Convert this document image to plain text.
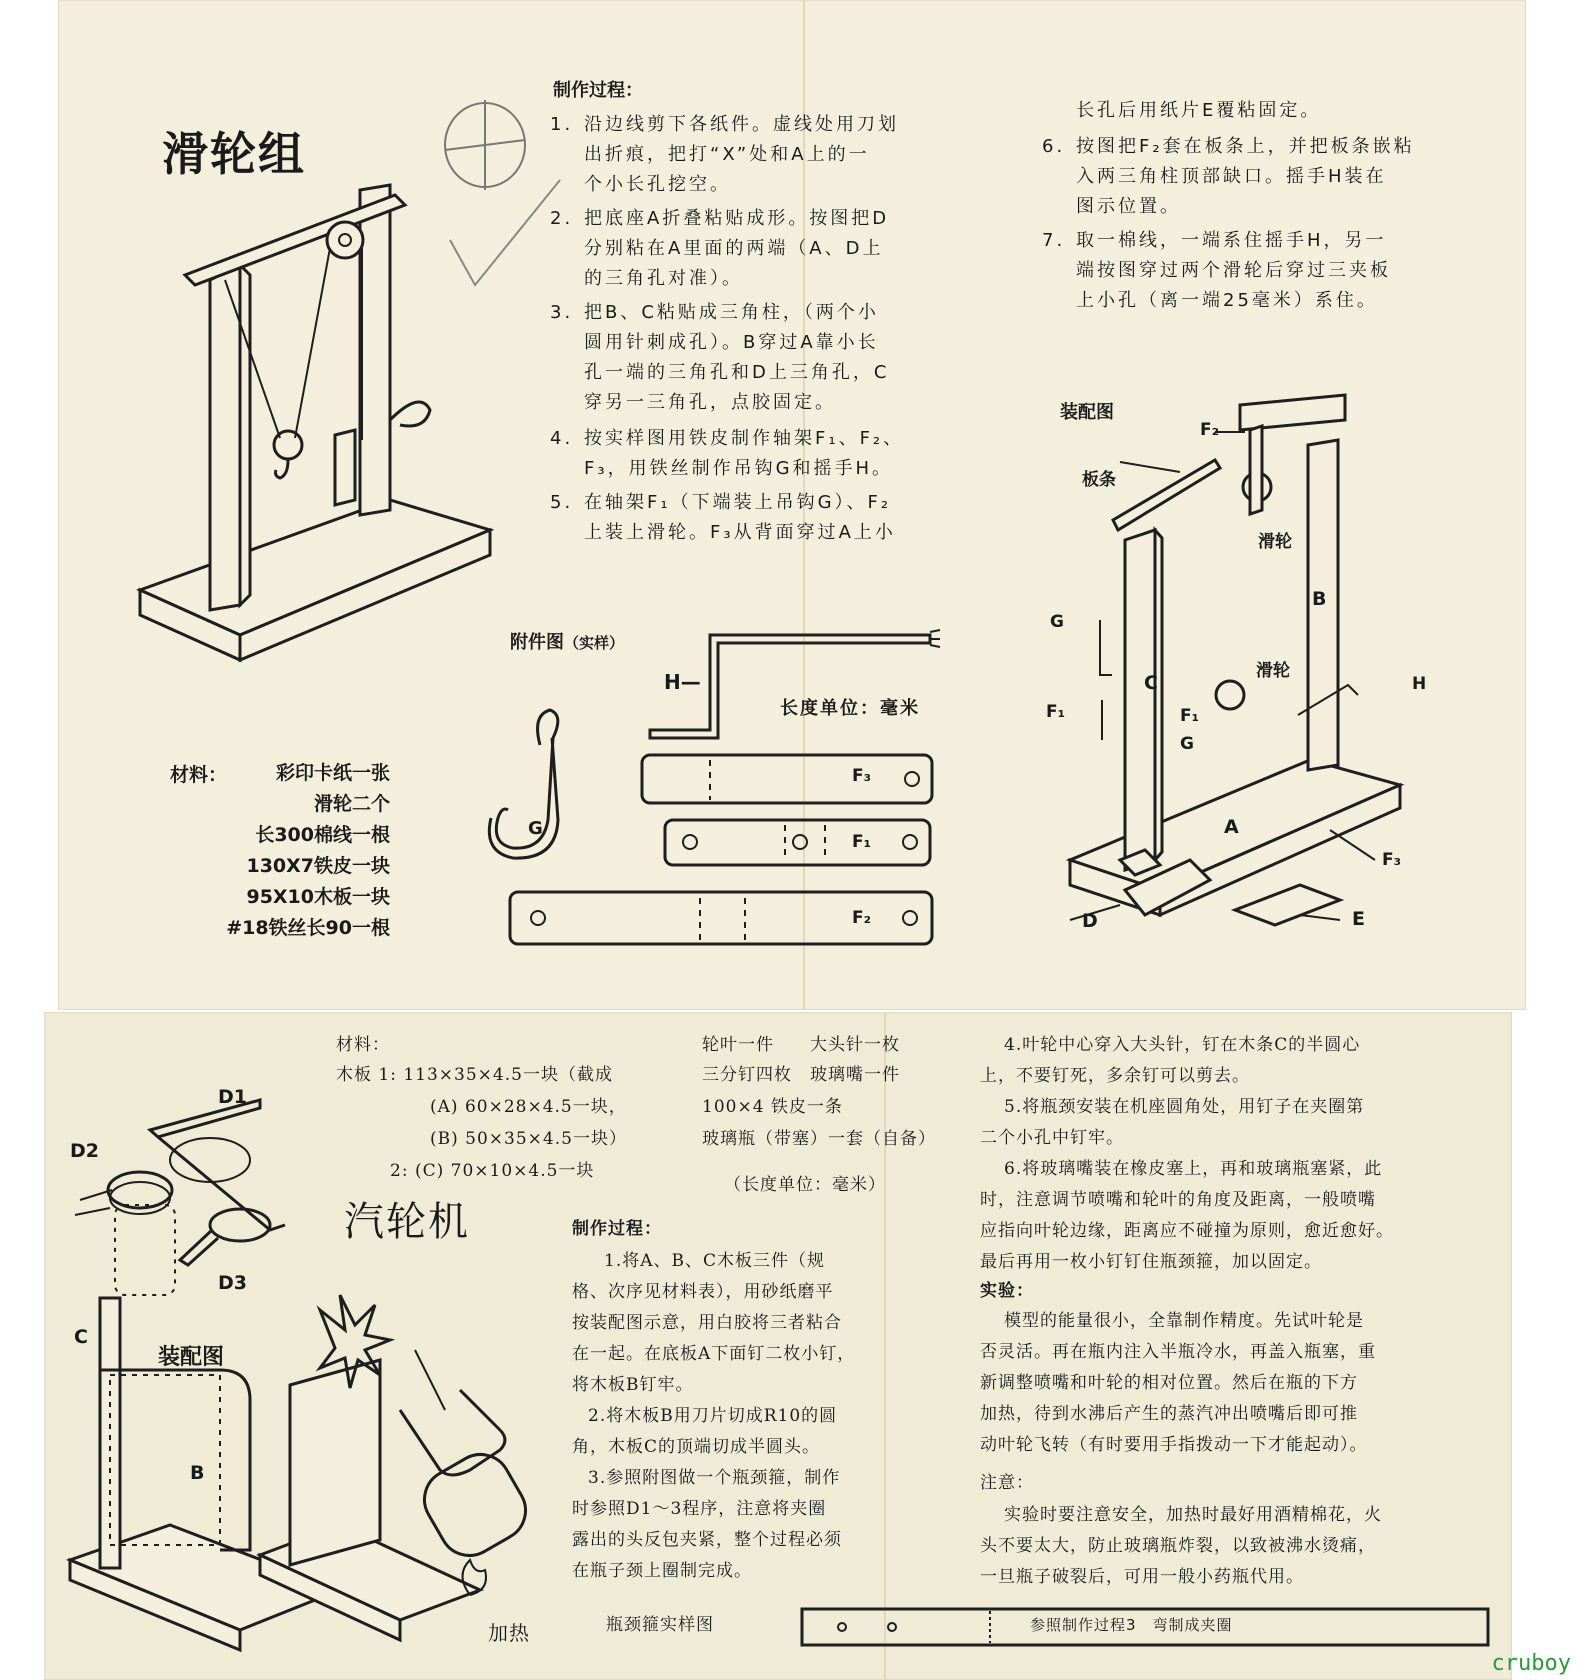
滑轮组
制作过程：
1. 沿边线剪下各纸件。虚线处用刀划
出折痕，把打“X”处和A上的一
个小长孔挖空。
2. 把底座A折叠粘贴成形。按图把D
分别粘在A里面的两端（A、D上
的三角孔对准）。
3. 把B、C粘贴成三角柱，（两个小
圆用针刺成孔）。B穿过A靠小长
孔一端的三角孔和D上三角孔，C
穿另一三角孔，点胶固定。
4. 按实样图用铁皮制作轴架F₁、F₂、
F₃，用铁丝制作吊钩G和摇手H。
5. 在轴架F₁（下端装上吊钩G）、F₂
上装上滑轮。F₃从背面穿过A上小
长孔后用纸片E覆粘固定。
6. 按图把F₂套在板条上，并把板条嵌粘
入两三角柱顶部缺口。摇手H装在
图示位置。
7. 取一棉线，一端系住摇手H，另一
端按图穿过两个滑轮后穿过三夹板
上小孔（离一端25毫米）系住。
材料：	彩印卡纸一张
滑轮二个
长300棉线一根
130X7铁皮一块
95X10木板一块
#18铁丝长90一根
附件图（实样）
长度单位：毫米
H—
G
F₃
F₁
F₂
装配图
F₂
板条
滑轮
B
G
C
滑轮
H
F₁	F₁
G
A
F₃
D	E
汽轮机
材料：
木板 1: 113×35×4.5一块（截成
(A) 60×28×4.5一块，
(B) 50×35×4.5一块）
2: (C) 70×10×4.5一块
轮叶一件　　大头针一枚
三分钉四枚　玻璃嘴一件
100×4 铁皮一条
玻璃瓶（带塞）一套（自备）
（长度单位：毫米）
制作过程：
1.将A、B、C木板三件（规
格、次序见材料表），用砂纸磨平
按装配图示意，用白胶将三者粘合
在一起。在底板A下面钉二枚小钉，
将木板B钉牢。
2.将木板B用刀片切成R10的圆
角，木板C的顶端切成半圆头。
3.参照附图做一个瓶颈箍，制作
时参照D1～3程序，注意将夹圈
露出的头反包夹紧，整个过程必须
在瓶子颈上圈制完成。
4.叶轮中心穿入大头针，钉在木条C的半圆心
上，不要钉死，多余钉可以剪去。
5.将瓶颈安装在机座圆角处，用钉子在夹圈第
二个小孔中钉牢。
6.将玻璃嘴装在橡皮塞上，再和玻璃瓶塞紧，此
时，注意调节喷嘴和轮叶的角度及距离，一般喷嘴
应指向叶轮边缘，距离应不碰撞为原则，愈近愈好。
最后再用一枚小钉钉住瓶颈箍，加以固定。
实验：
模型的能量很小，全靠制作精度。先试叶轮是
否灵活。再在瓶内注入半瓶冷水，再盖入瓶塞，重
新调整喷嘴和叶轮的相对位置。然后在瓶的下方
加热，待到水沸后产生的蒸汽冲出喷嘴后即可推
动叶轮飞转（有时要用手指拨动一下才能起动）。
注意：
实验时要注意安全，加热时最好用酒精棉花，火
头不要太大，防止玻璃瓶炸裂，以致被沸水烫痛，
一旦瓶子破裂后，可用一般小药瓶代用。
D1
D2
D3
装配图
C
B
加热	瓶颈箍实样图	参照制作过程3　弯制成夹圈
cruboy
